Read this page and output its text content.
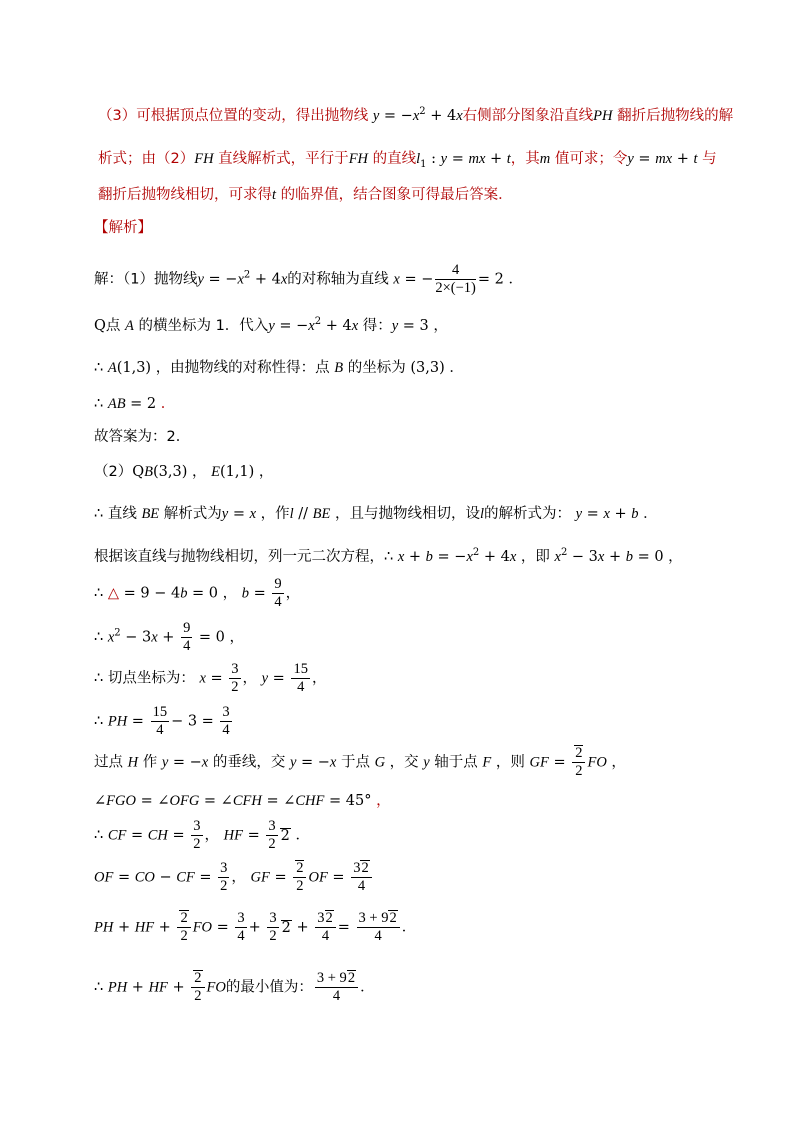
（3）可根据顶点位置的变动，得出抛物线 $y = -x^2 + 4x$右侧部分图象沿直线PH 翻折后抛物线的解
析式；由（2）FH 直线解析式，平行于FH 的直线$l_1$ : y = mx + t，其m 值可求；令y = mx + t 与
翻折后抛物线相切，可求得t 的临界值，结合图象可得最后答案．
【解析】
解：（1）抛物线$y = -x^2 + 4x$的对称轴为直线 x = − $\frac{4}{2\times(-1)} = 2$ ．
Q点 A 的横坐标为 1．代入$y = -x^2 + 4x$ 得：y = 3 ，
∴ A(1,3) ，由抛物线的对称性得：点 B 的坐标为 (3,3) ．
∴ AB = 2 ．
故答案为：2．
（2）QB(3,3) ， E(1,1) ，
∴ 直线 BE 解析式为y = x ，作l // BE ，且与抛物线相切，设l的解析式为： y = x + b ．
根据该直线与抛物线相切，列一元二次方程，∴ $x + b = -x^2 + 4x$ ，即 $x^2 - 3x + b = 0$ ，
∴ △ = 9 − 4b = 0 ， $b = \frac{9}{4}$ ，
∴ $x^2 - 3x + \frac{9}{4} = 0$ ，
∴ 切点坐标为： $x = \frac{3}{2}$ ， $y = \frac{15}{4}$ ，
∴ PH = $\frac{15}{4} - 3 = \frac{3}{4}$
过点 H 作 y = −x 的垂线，交 y = −x 于点 G ，交 y 轴于点 F ，则 GF = $\frac{2}{2}$ FO ，
∠FGO = ∠OFG = ∠CFH = ∠CHF = 45° ，
∴ CF = CH = $\frac{3}{2}$ ， HF = $\frac{3}{2} 2$ ．
OF = CO − CF = $\frac{3}{2}$ ， GF = $\frac{2}{2}$ OF = $\frac{32}{4}$
PH + HF + $\frac{2}{2}$ FO = $\frac{3}{4} + \frac{3}{2} 2 + \frac{32}{4} = \frac{3 + 92}{4}$ ．
∴ PH + HF + $\frac{2}{2}$ FO的最小值为： $\frac{3 + 92}{4}$ ．
